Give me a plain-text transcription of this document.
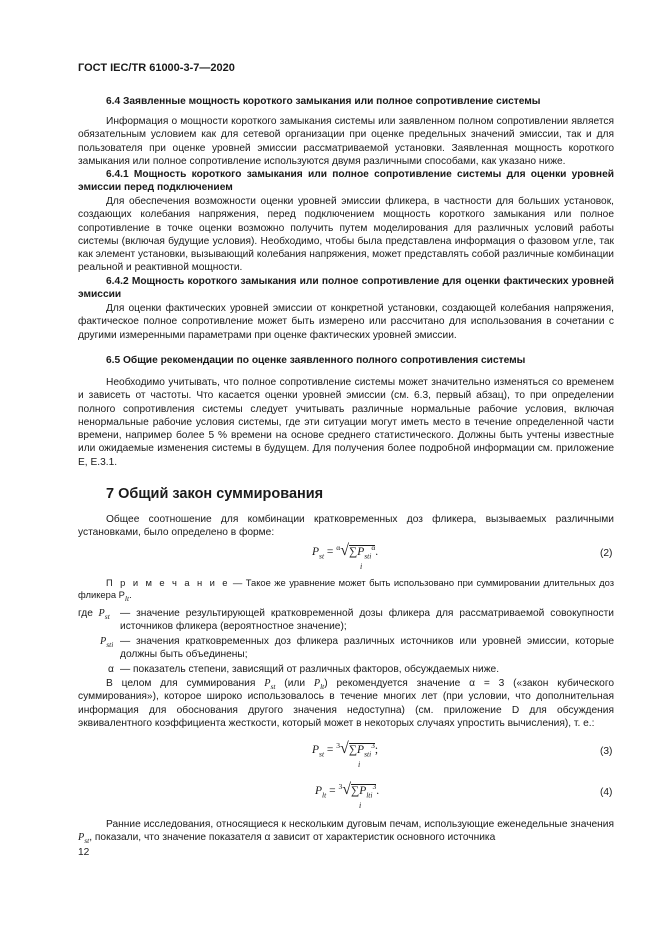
ГОСТ IEC/TR 61000-3-7—2020
6.4 Заявленные мощность короткого замыкания или полное сопротивление системы

Информация о мощности короткого замыкания системы или заявленном полном сопротивлении является обязательным условием как для сетевой организации при оценке предельных значений эмиссии, так и для пользователя при оценке уровней эмиссии рассматриваемой установки. Заявленная мощность короткого замыкания или полное сопротивление используются двумя различными способами, как указано ниже.

6.4.1 Мощность короткого замыкания или полное сопротивление системы для оценки уровней эмиссии перед подключением

Для обеспечения возможности оценки уровней эмиссии фликера, в частности для больших установок, создающих колебания напряжения, перед подключением мощность короткого замыкания или полное сопротивление в точке оценки возможно получить путем моделирования для различных условий работы системы (включая будущие условия). Необходимо, чтобы была представлена информация о фазовом угле, так как элемент установки, вызывающий колебания напряжения, может представлять собой различные комбинации реальной и реактивной мощности.

6.4.2 Мощность короткого замыкания или полное сопротивление для оценки фактических уровней эмиссии

Для оценки фактических уровней эмиссии от конкретной установки, создающей колебания напряжения, фактическое полное сопротивление может быть измерено или рассчитано для использования в сочетании с другими измеренными параметрами при оценке фактических уровней эмиссии.

6.5 Общие рекомендации по оценке заявленного полного сопротивления системы

Необходимо учитывать, что полное сопротивление системы может значительно изменяться со временем и зависеть от частоты. Что касается оценки уровней эмиссии (см. 6.3, первый абзац), то при определении полного сопротивления системы следует учитывать различные нормальные рабочие условия, включая ненормальные рабочие условия системы, где эти ситуации могут иметь место в течение определенной части времени, например более 5 % времени на основе среднего статистического. Должны быть учтены известные или ожидаемые изменения системы в будущем. Для получения более подробной информации см. приложение Е, Е.3.1.

7 Общий закон суммирования

Общее соотношение для комбинации кратковременных доз фликера, вызываемых различными установками, было определено в форме:

$P_{st} = ^\alpha√\sum P_{sti}^\alpha$.
i
(2)

П р и м е ч а н и е — Такое же уравнение может быть использовано при суммировании длительных доз фликера $P_{lt}$.

где $P_{st}$ — значение результирующей кратковременной дозы фликера для рассматриваемой совокупности источников фликера (вероятностное значение);

$P_{sti}$ — значения кратковременных доз фликера различных источников или уровней эмиссии, которые должны быть объединены;

α — показатель степени, зависящий от различных факторов, обсуждаемых ниже.

В целом для суммирования $P_{st}$ (или $P_{lt}$) рекомендуется значение α = 3 («закон кубического суммирования»), которое широко использовалось в течение многих лет (при условии, что дополнительная информация для обоснования другого значения недоступна) (см. приложение D для обсуждения эквивалентного коэффициента жесткости, который может в некоторых случаях упростить вычисления), т. е.:

$P_{st} = ^3√\sum P_{sti}^3$;
i
(3)
$P_{lt} = ^3√\sum P_{lti}^3$.
i
(4)

Ранние исследования, относящиеся к нескольким дуговым печам, использующие еженедельные значения $P_{st}$, показали, что значение показателя α зависит от характеристик основного источника

12
